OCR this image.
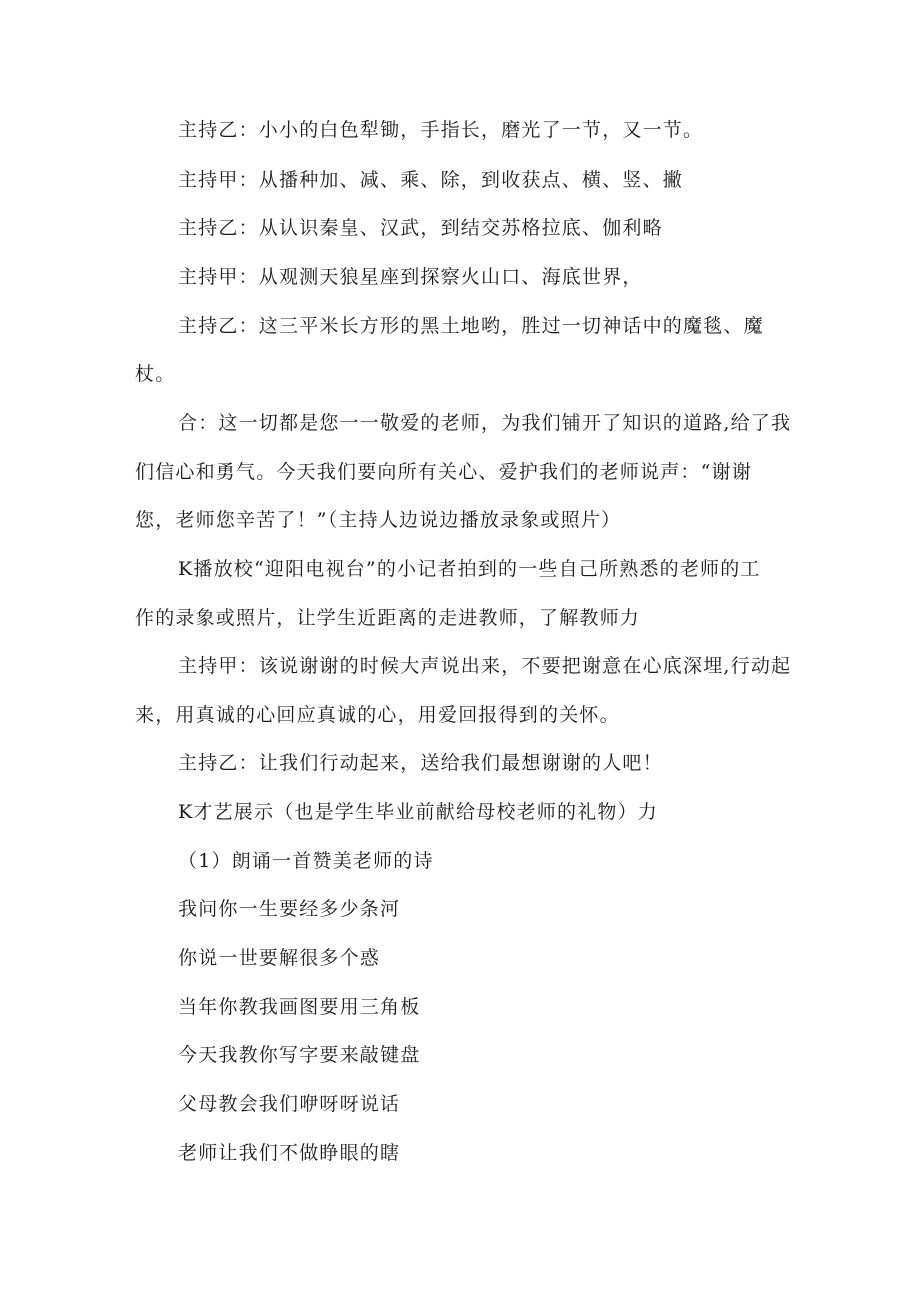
主持乙：小小的白色犁锄，手指长，磨光了一节，又一节。
主持甲：从播种加、减、乘、除，到收获点、横、竖、撇
主持乙：从认识秦皇、汉武，到结交苏格拉底、伽利略
主持甲：从观测天狼星座到探察火山口、海底世界，
主持乙：这三平米长方形的黑土地哟，胜过一切神话中的魔毯、魔
杖。
合：这一切都是您一一敬爱的老师，为我们铺开了知识的道路,给了我
们信心和勇气。今天我们要向所有关心、爱护我们的老师说声：“谢谢
您，老师您辛苦了！”（主持人边说边播放录象或照片）
K播放校“迎阳电视台”的小记者拍到的一些自己所熟悉的老师的工
作的录象或照片，让学生近距离的走进教师，了解教师力
主持甲：该说谢谢的时候大声说出来，不要把谢意在心底深埋,行动起
来，用真诚的心回应真诚的心，用爱回报得到的关怀。
主持乙：让我们行动起来，送给我们最想谢谢的人吧！
K才艺展示（也是学生毕业前献给母校老师的礼物）力
（1）朗诵一首赞美老师的诗
我问你一生要经多少条河
你说一世要解很多个惑
当年你教我画图要用三角板
今天我教你写字要来敲键盘
父母教会我们咿呀呀说话
老师让我们不做睁眼的瞎
